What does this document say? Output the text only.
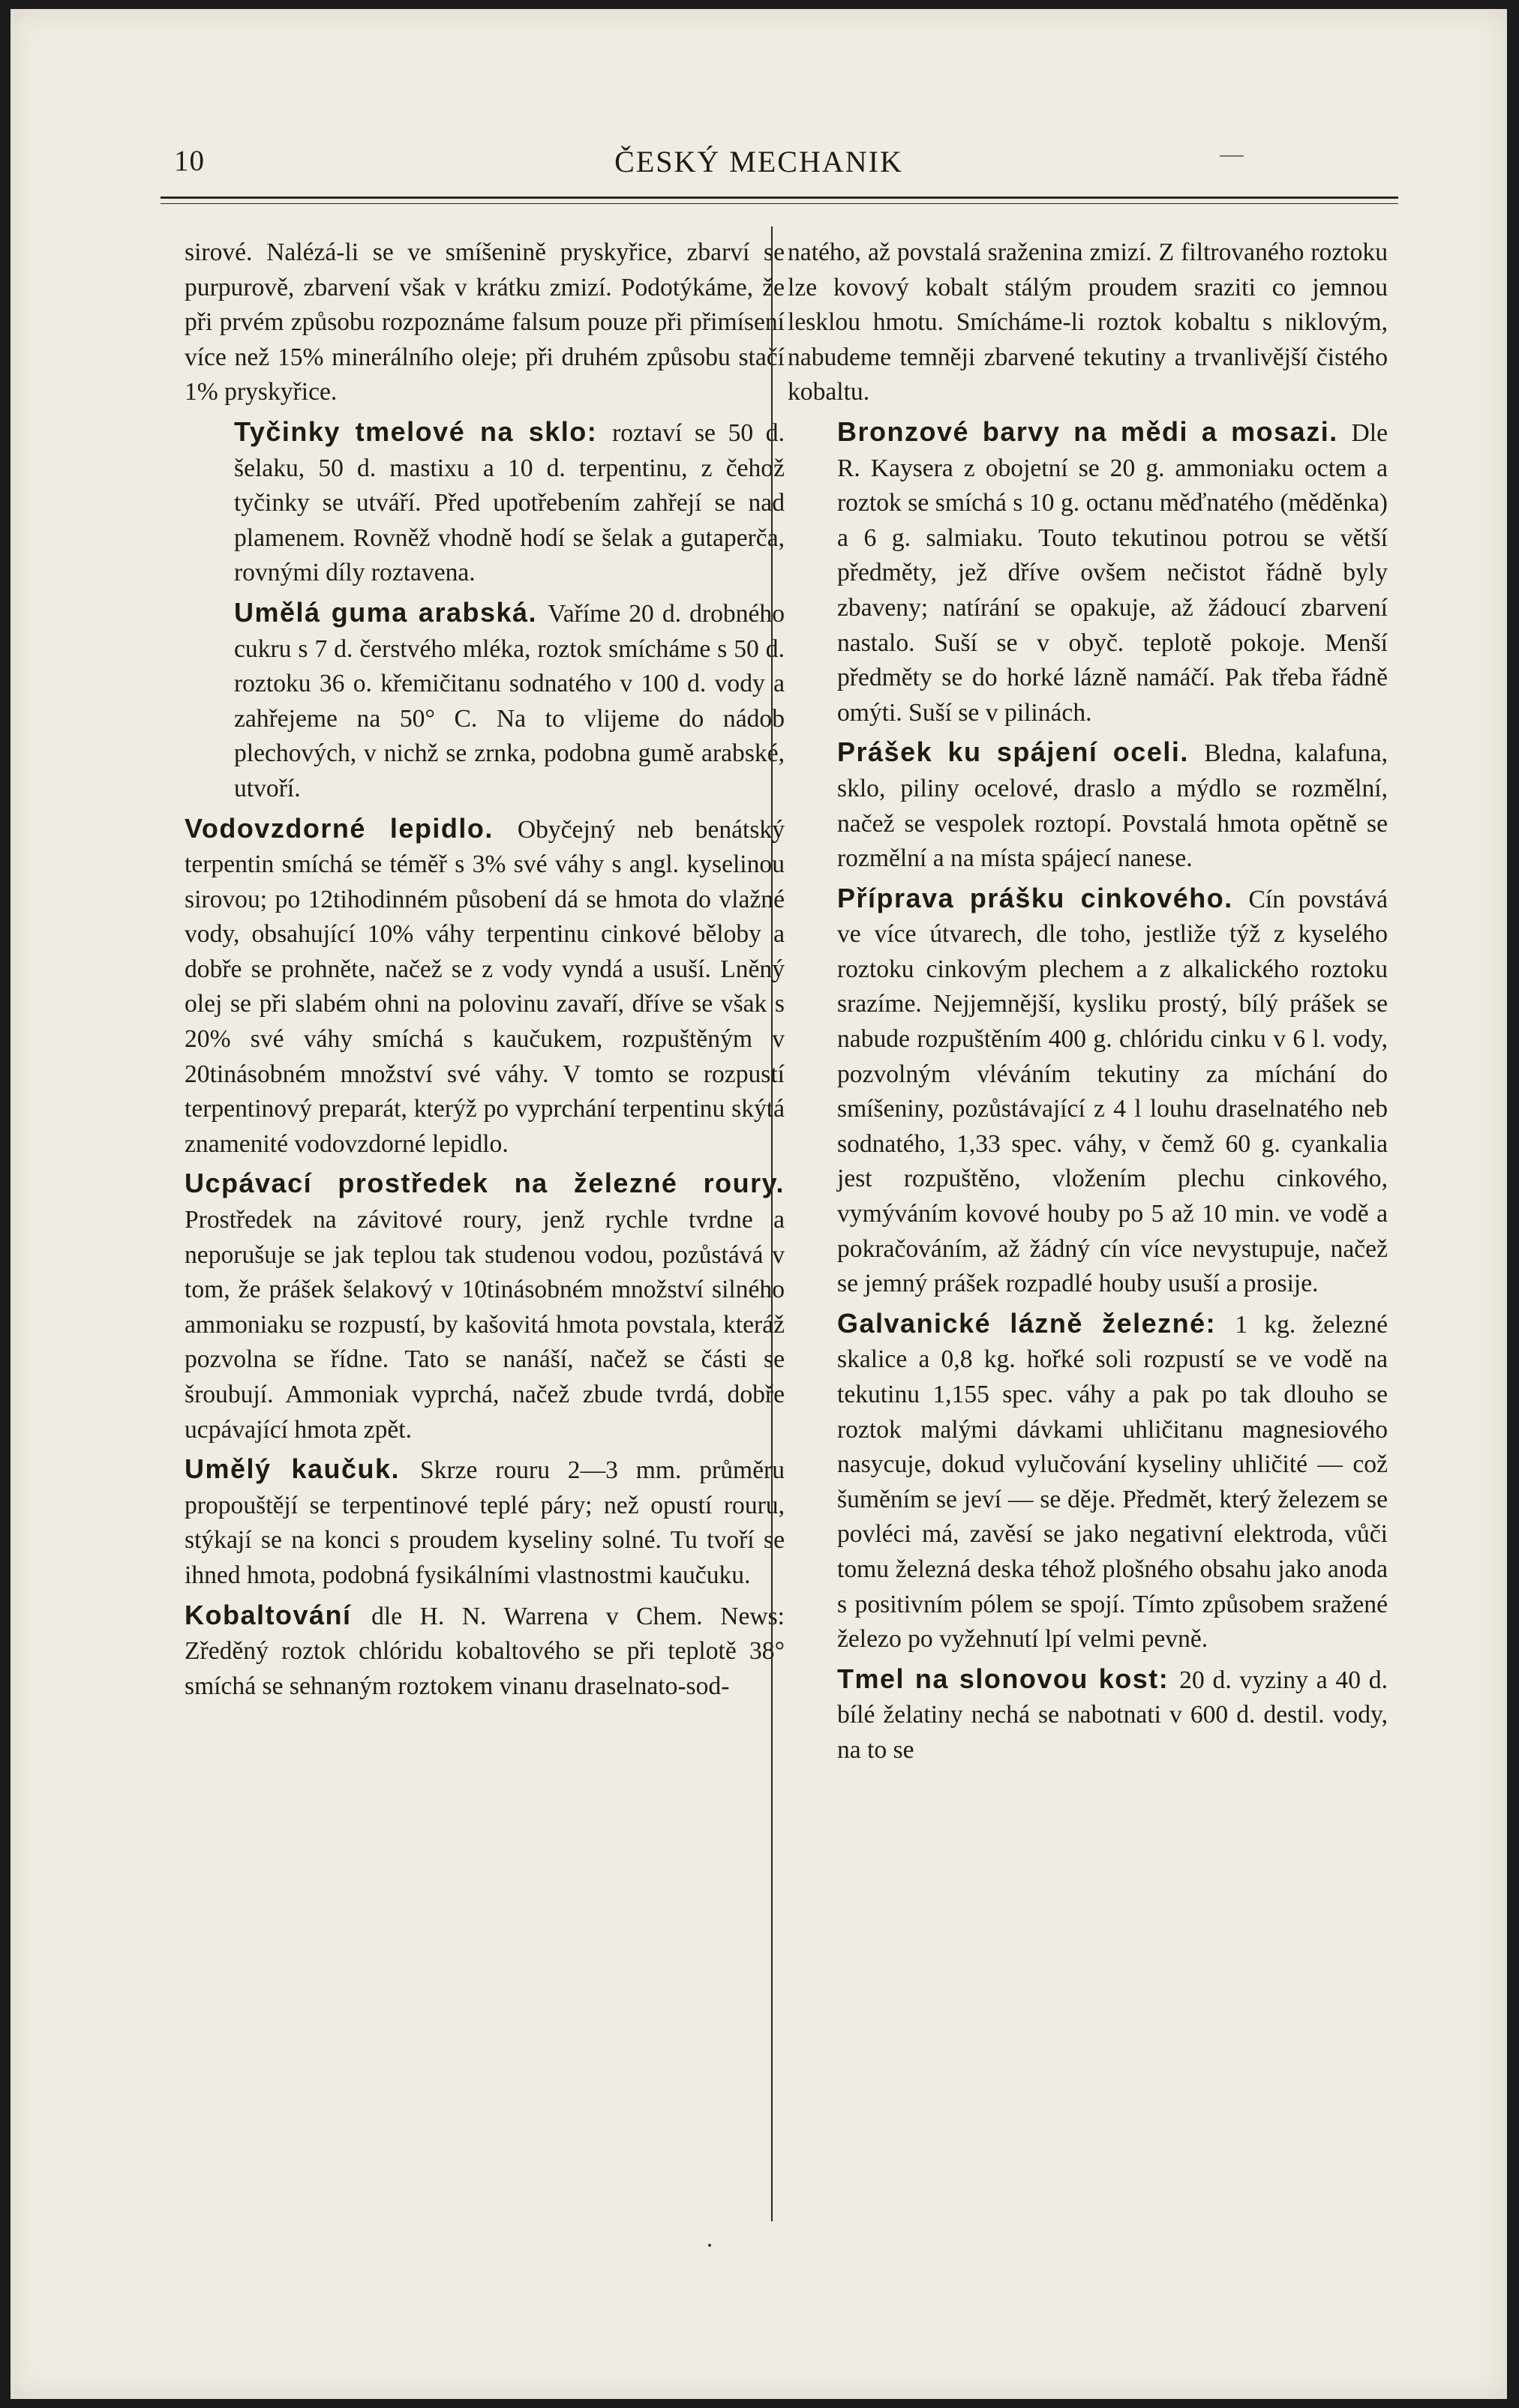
10	ČESKÝ MECHANIK

sirové. Nalézá-li se ve smíšenině pryskyřice, zbarví se purpurově, zbarvení však v krátku zmizí. Podotýkáme, že při prvém způsobu rozpoznáme falsum pouze při přimísení více než 15% minerálního oleje; při druhém způsobu stačí 1% pryskyřice.

Tyčinky tmelové na sklo: roztaví se 50 d. šelaku, 50 d. mastixu a 10 d. terpentinu, z čehož tyčinky se utváří. Před upotřebením zahřejí se nad plamenem. Rovněž vhodně hodí se šelak a gutaperča, rovnými díly roztavena.

Umělá guma arabská. Vaříme 20 d. drobného cukru s 7 d. čerstvého mléka, roztok smícháme s 50 d. roztoku 36 o. křemičitanu sodnatého v 100 d. vody a zahřejeme na 50° C. Na to vlijeme do nádob plechových, v nichž se zrnka, podobna gumě arabské, utvoří.

Vodovzdorné lepidlo. Obyčejný neb benátský terpentin smíchá se téměř s 3% své váhy s angl. kyselinou sirovou; po 12tihodinném působení dá se hmota do vlažné vody, obsahující 10% váhy terpentinu cinkové běloby a dobře se prohněte, načež se z vody vyndá a usuší. Lněný olej se při slabém ohni na polovinu zavaří, dříve se však s 20% své váhy smíchá s kaučukem, rozpuštěným v 20tinásobném množství své váhy. V tomto se rozpustí terpentinový preparát, kterýž po vyprchání terpentinu skýtá znamenité vodovzdorné lepidlo.

Ucpávací prostředek na železné roury. Prostředek na závitové roury, jenž rychle tvrdne a neporušuje se jak teplou tak studenou vodou, pozůstává v tom, že prášek šelakový v 10tinásobném množství silného ammoniaku se rozpustí, by kašovitá hmota povstala, kteráž pozvolna se řídne. Tato se nanáší, načež se části se šroubují. Ammoniak vyprchá, načež zbude tvrdá, dobře ucpávající hmota zpět.

Umělý kaučuk. Skrze rouru 2—3 mm. průměru propouštějí se terpentinové teplé páry; než opustí rouru, stýkají se na konci s proudem kyseliny solné. Tu tvoří se ihned hmota, podobná fysikálními vlastnostmi kaučuku.

Kobaltování dle H. N. Warrena v Chem. News: Zředěný roztok chlóridu kobaltového se při teplotě 38° smíchá se sehnaným roztokem vinanu draselnato-sod-

natého, až povstalá sraženina zmizí. Z filtrovaného roztoku lze kovový kobalt stálým proudem sraziti co jemnou lesklou hmotu. Smícháme-li roztok kobaltu s niklovým, nabudeme temněji zbarvené tekutiny a trvanlivější čistého kobaltu.

Bronzové barvy na mědi a mosazi. Dle R. Kaysera z obojetní se 20 g. ammoniaku octem a roztok se smíchá s 10 g. octanu měďnatého (měděnka) a 6 g. salmiaku. Touto tekutinou potrou se větší předměty, jež dříve ovšem nečistot řádně byly zbaveny; natírání se opakuje, až žádoucí zbarvení nastalo. Suší se v obyč. teplotě pokoje. Menší předměty se do horké lázně namáčí. Pak třeba řádně omýti. Suší se v pilinách.

Prášek ku spájení oceli. Bledna, kalafuna, sklo, piliny ocelové, draslo a mýdlo se rozmělní, načež se vespolek roztopí. Povstalá hmota opětně se rozmělní a na místa spájecí nanese.

Příprava prášku cinkového. Cín povstává ve více útvarech, dle toho, jestliže týž z kyselého roztoku cinkovým plechem a z alkalického roztoku srazíme. Nejjemnější, kysliku prostý, bílý prášek se nabude rozpuštěním 400 g. chlóridu cinku v 6 l. vody, pozvolným vléváním tekutiny za míchání do smíšeniny, pozůstávající z 4 l louhu draselnatého neb sodnatého, 1,33 spec. váhy, v čemž 60 g. cyankalia jest rozpuštěno, vložením plechu cinkového, vymýváním kovové houby po 5 až 10 min. ve vodě a pokračováním, až žádný cín více nevystupuje, načež se jemný prášek rozpadlé houby usuší a prosije.

Galvanické lázně železné: 1 kg. železné skalice a 0,8 kg. hořké soli rozpustí se ve vodě na tekutinu 1,155 spec. váhy a pak po tak dlouho se roztok malými dávkami uhličitanu magnesiového nasycuje, dokud vylučování kyseliny uhličité — což šuměním se jeví — se děje. Předmět, který železem se povléci má, zavěsí se jako negativní elektroda, vůči tomu železná deska téhož plošného obsahu jako anoda s positivním pólem se spojí. Tímto způsobem sražené železo po vyžehnutí lpí velmi pevně.

Tmel na slonovou kost: 20 d. vyziny a 40 d. bílé želatiny nechá se nabotnati v 600 d. destil. vody, na to se
